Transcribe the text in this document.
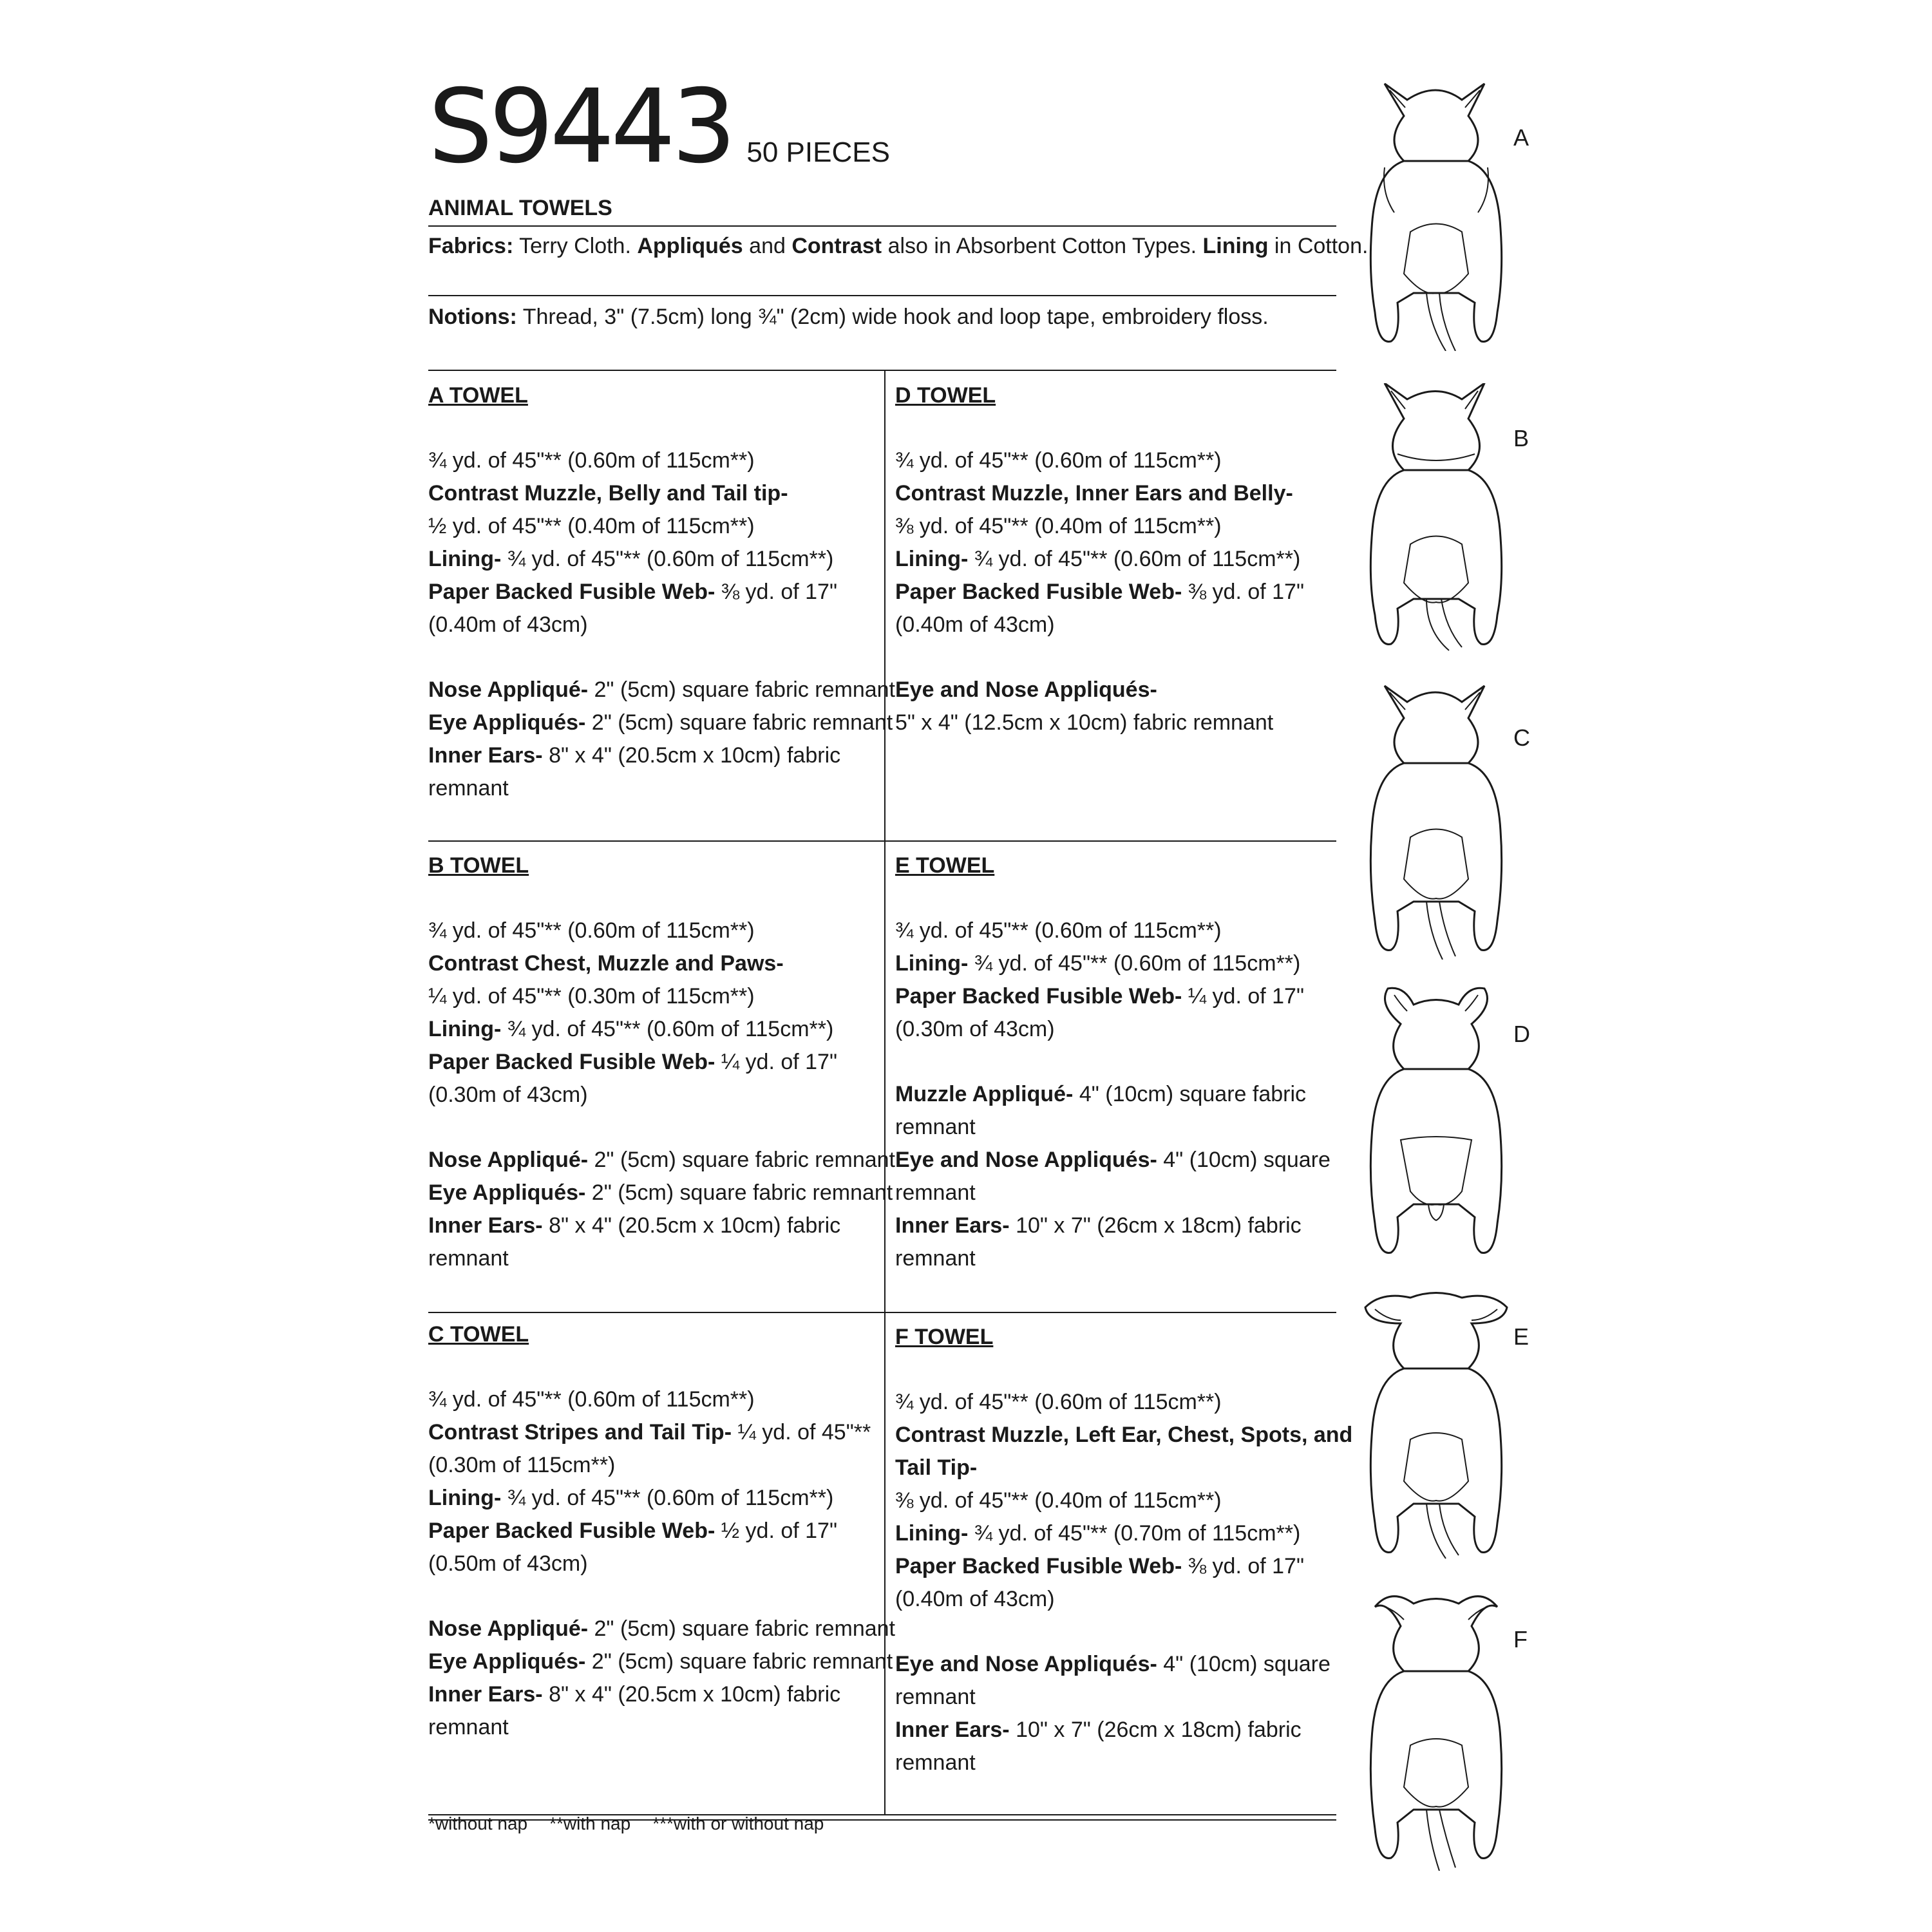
S9443 50 PIECES
ANIMAL TOWELS
Fabrics: Terry Cloth. Appliqués and Contrast also in Absorbent Cotton Types. Lining in Cotton.
Notions: Thread, 3" (7.5cm) long ¾" (2cm) wide hook and loop tape, embroidery floss.
A TOWEL
¾ yd. of 45"** (0.60m of 115cm**)
Contrast Muzzle, Belly and Tail tip-
½ yd. of 45"** (0.40m of 115cm**)
Lining- ¾ yd. of 45"** (0.60m of 115cm**)
Paper Backed Fusible Web- ⅜ yd. of 17"
(0.40m of 43cm)
Nose Appliqué- 2" (5cm) square fabric remnant
Eye Appliqués- 2" (5cm) square fabric remnant
Inner Ears- 8" x 4" (20.5cm x 10cm) fabric
remnant
D TOWEL
¾ yd. of 45"** (0.60m of 115cm**)
Contrast Muzzle, Inner Ears and Belly-
⅜ yd. of 45"** (0.40m of 115cm**)
Lining- ¾ yd. of 45"** (0.60m of 115cm**)
Paper Backed Fusible Web- ⅜ yd. of 17"
(0.40m of 43cm)
Eye and Nose Appliqués-
5" x 4" (12.5cm x 10cm) fabric remnant
B TOWEL
¾ yd. of 45"** (0.60m of 115cm**)
Contrast Chest, Muzzle and Paws-
¼ yd. of 45"** (0.30m of 115cm**)
Lining- ¾ yd. of 45"** (0.60m of 115cm**)
Paper Backed Fusible Web- ¼ yd. of 17"
(0.30m of 43cm)
Nose Appliqué- 2" (5cm) square fabric remnant
Eye Appliqués- 2" (5cm) square fabric remnant
Inner Ears- 8" x 4" (20.5cm x 10cm) fabric
remnant
E TOWEL
¾ yd. of 45"** (0.60m of 115cm**)
Lining- ¾ yd. of 45"** (0.60m of 115cm**)
Paper Backed Fusible Web- ¼ yd. of 17"
(0.30m of 43cm)
Muzzle Appliqué- 4" (10cm) square fabric
remnant
Eye and Nose Appliqués- 4" (10cm) square
remnant
Inner Ears- 10" x 7" (26cm x 18cm) fabric
remnant
C TOWEL
¾ yd. of 45"** (0.60m of 115cm**)
Contrast Stripes and Tail Tip- ¼ yd. of 45"**
(0.30m of 115cm**)
Lining- ¾ yd. of 45"** (0.60m of 115cm**)
Paper Backed Fusible Web- ½ yd. of 17"
(0.50m of 43cm)
Nose Appliqué- 2" (5cm) square fabric remnant
Eye Appliqués- 2" (5cm) square fabric remnant
Inner Ears- 8" x 4" (20.5cm x 10cm) fabric
remnant
F TOWEL
¾ yd. of 45"** (0.60m of 115cm**)
Contrast Muzzle, Left Ear, Chest, Spots, and
Tail Tip-
⅜ yd. of 45"** (0.40m of 115cm**)
Lining- ¾ yd. of 45"** (0.70m of 115cm**)
Paper Backed Fusible Web- ⅜ yd. of 17"
(0.40m of 43cm)
Eye and Nose Appliqués- 4" (10cm) square
remnant
Inner Ears- 10" x 7" (26cm x 18cm) fabric
remnant
*without nap **with nap ***with or without nap
A
B
C
D
E
F
